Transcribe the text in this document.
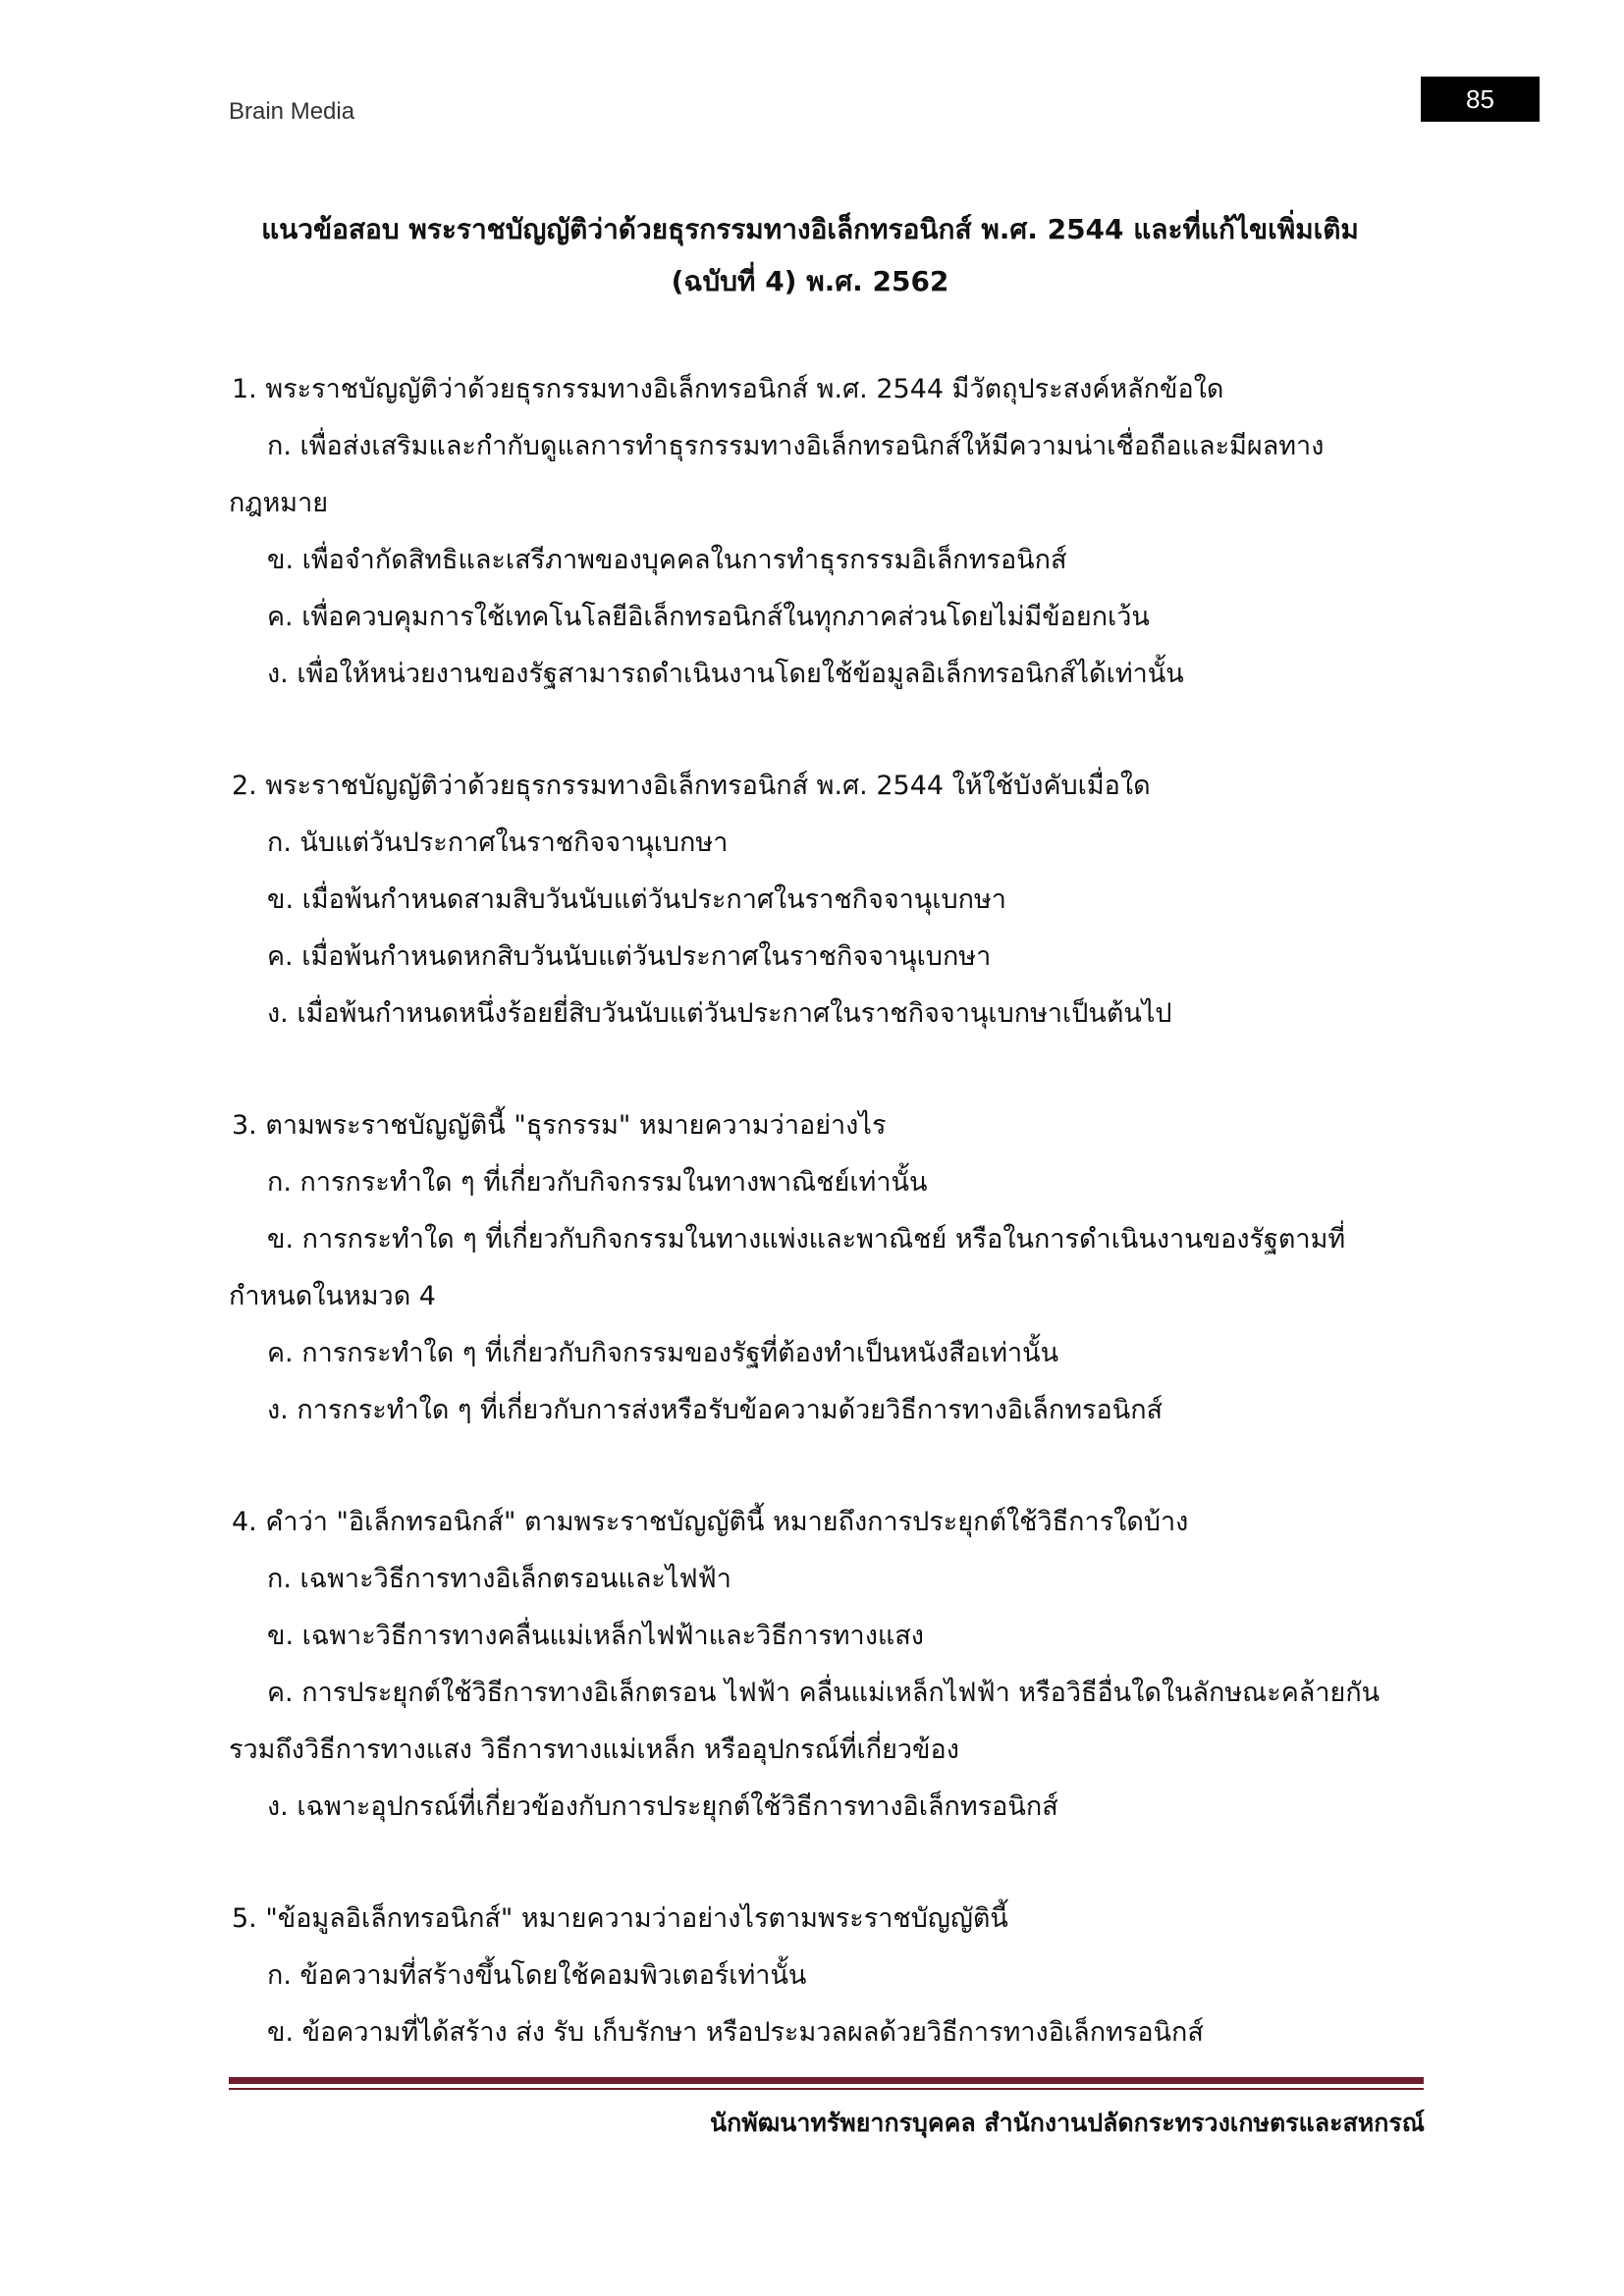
Brain Media	85
แนวข้อสอบ พระราชบัญญัติว่าด้วยธุรกรรมทางอิเล็กทรอนิกส์ พ.ศ. 2544 และที่แก้ไขเพิ่มเติม
(ฉบับที่ 4) พ.ศ. 2562
1. พระราชบัญญัติว่าด้วยธุรกรรมทางอิเล็กทรอนิกส์ พ.ศ. 2544 มีวัตถุประสงค์หลักข้อใด
ก. เพื่อส่งเสริมและกำกับดูแลการทำธุรกรรมทางอิเล็กทรอนิกส์ให้มีความน่าเชื่อถือและมีผลทาง
กฎหมาย
ข. เพื่อจำกัดสิทธิและเสรีภาพของบุคคลในการทำธุรกรรมอิเล็กทรอนิกส์
ค. เพื่อควบคุมการใช้เทคโนโลยีอิเล็กทรอนิกส์ในทุกภาคส่วนโดยไม่มีข้อยกเว้น
ง. เพื่อให้หน่วยงานของรัฐสามารถดำเนินงานโดยใช้ข้อมูลอิเล็กทรอนิกส์ได้เท่านั้น
2. พระราชบัญญัติว่าด้วยธุรกรรมทางอิเล็กทรอนิกส์ พ.ศ. 2544 ให้ใช้บังคับเมื่อใด
ก. นับแต่วันประกาศในราชกิจจานุเบกษา
ข. เมื่อพ้นกำหนดสามสิบวันนับแต่วันประกาศในราชกิจจานุเบกษา
ค. เมื่อพ้นกำหนดหกสิบวันนับแต่วันประกาศในราชกิจจานุเบกษา
ง. เมื่อพ้นกำหนดหนึ่งร้อยยี่สิบวันนับแต่วันประกาศในราชกิจจานุเบกษาเป็นต้นไป
3. ตามพระราชบัญญัตินี้ "ธุรกรรม" หมายความว่าอย่างไร
ก. การกระทำใด ๆ ที่เกี่ยวกับกิจกรรมในทางพาณิชย์เท่านั้น
ข. การกระทำใด ๆ ที่เกี่ยวกับกิจกรรมในทางแพ่งและพาณิชย์ หรือในการดำเนินงานของรัฐตามที่
กำหนดในหมวด 4
ค. การกระทำใด ๆ ที่เกี่ยวกับกิจกรรมของรัฐที่ต้องทำเป็นหนังสือเท่านั้น
ง. การกระทำใด ๆ ที่เกี่ยวกับการส่งหรือรับข้อความด้วยวิธีการทางอิเล็กทรอนิกส์
4. คำว่า "อิเล็กทรอนิกส์" ตามพระราชบัญญัตินี้ หมายถึงการประยุกต์ใช้วิธีการใดบ้าง
ก. เฉพาะวิธีการทางอิเล็กตรอนและไฟฟ้า
ข. เฉพาะวิธีการทางคลื่นแม่เหล็กไฟฟ้าและวิธีการทางแสง
ค. การประยุกต์ใช้วิธีการทางอิเล็กตรอน ไฟฟ้า คลื่นแม่เหล็กไฟฟ้า หรือวิธีอื่นใดในลักษณะคล้ายกัน
รวมถึงวิธีการทางแสง วิธีการทางแม่เหล็ก หรืออุปกรณ์ที่เกี่ยวข้อง
ง. เฉพาะอุปกรณ์ที่เกี่ยวข้องกับการประยุกต์ใช้วิธีการทางอิเล็กทรอนิกส์
5. "ข้อมูลอิเล็กทรอนิกส์" หมายความว่าอย่างไรตามพระราชบัญญัตินี้
ก. ข้อความที่สร้างขึ้นโดยใช้คอมพิวเตอร์เท่านั้น
ข. ข้อความที่ได้สร้าง ส่ง รับ เก็บรักษา หรือประมวลผลด้วยวิธีการทางอิเล็กทรอนิกส์
นักพัฒนาทรัพยากรบุคคล สำนักงานปลัดกระทรวงเกษตรและสหกรณ์
